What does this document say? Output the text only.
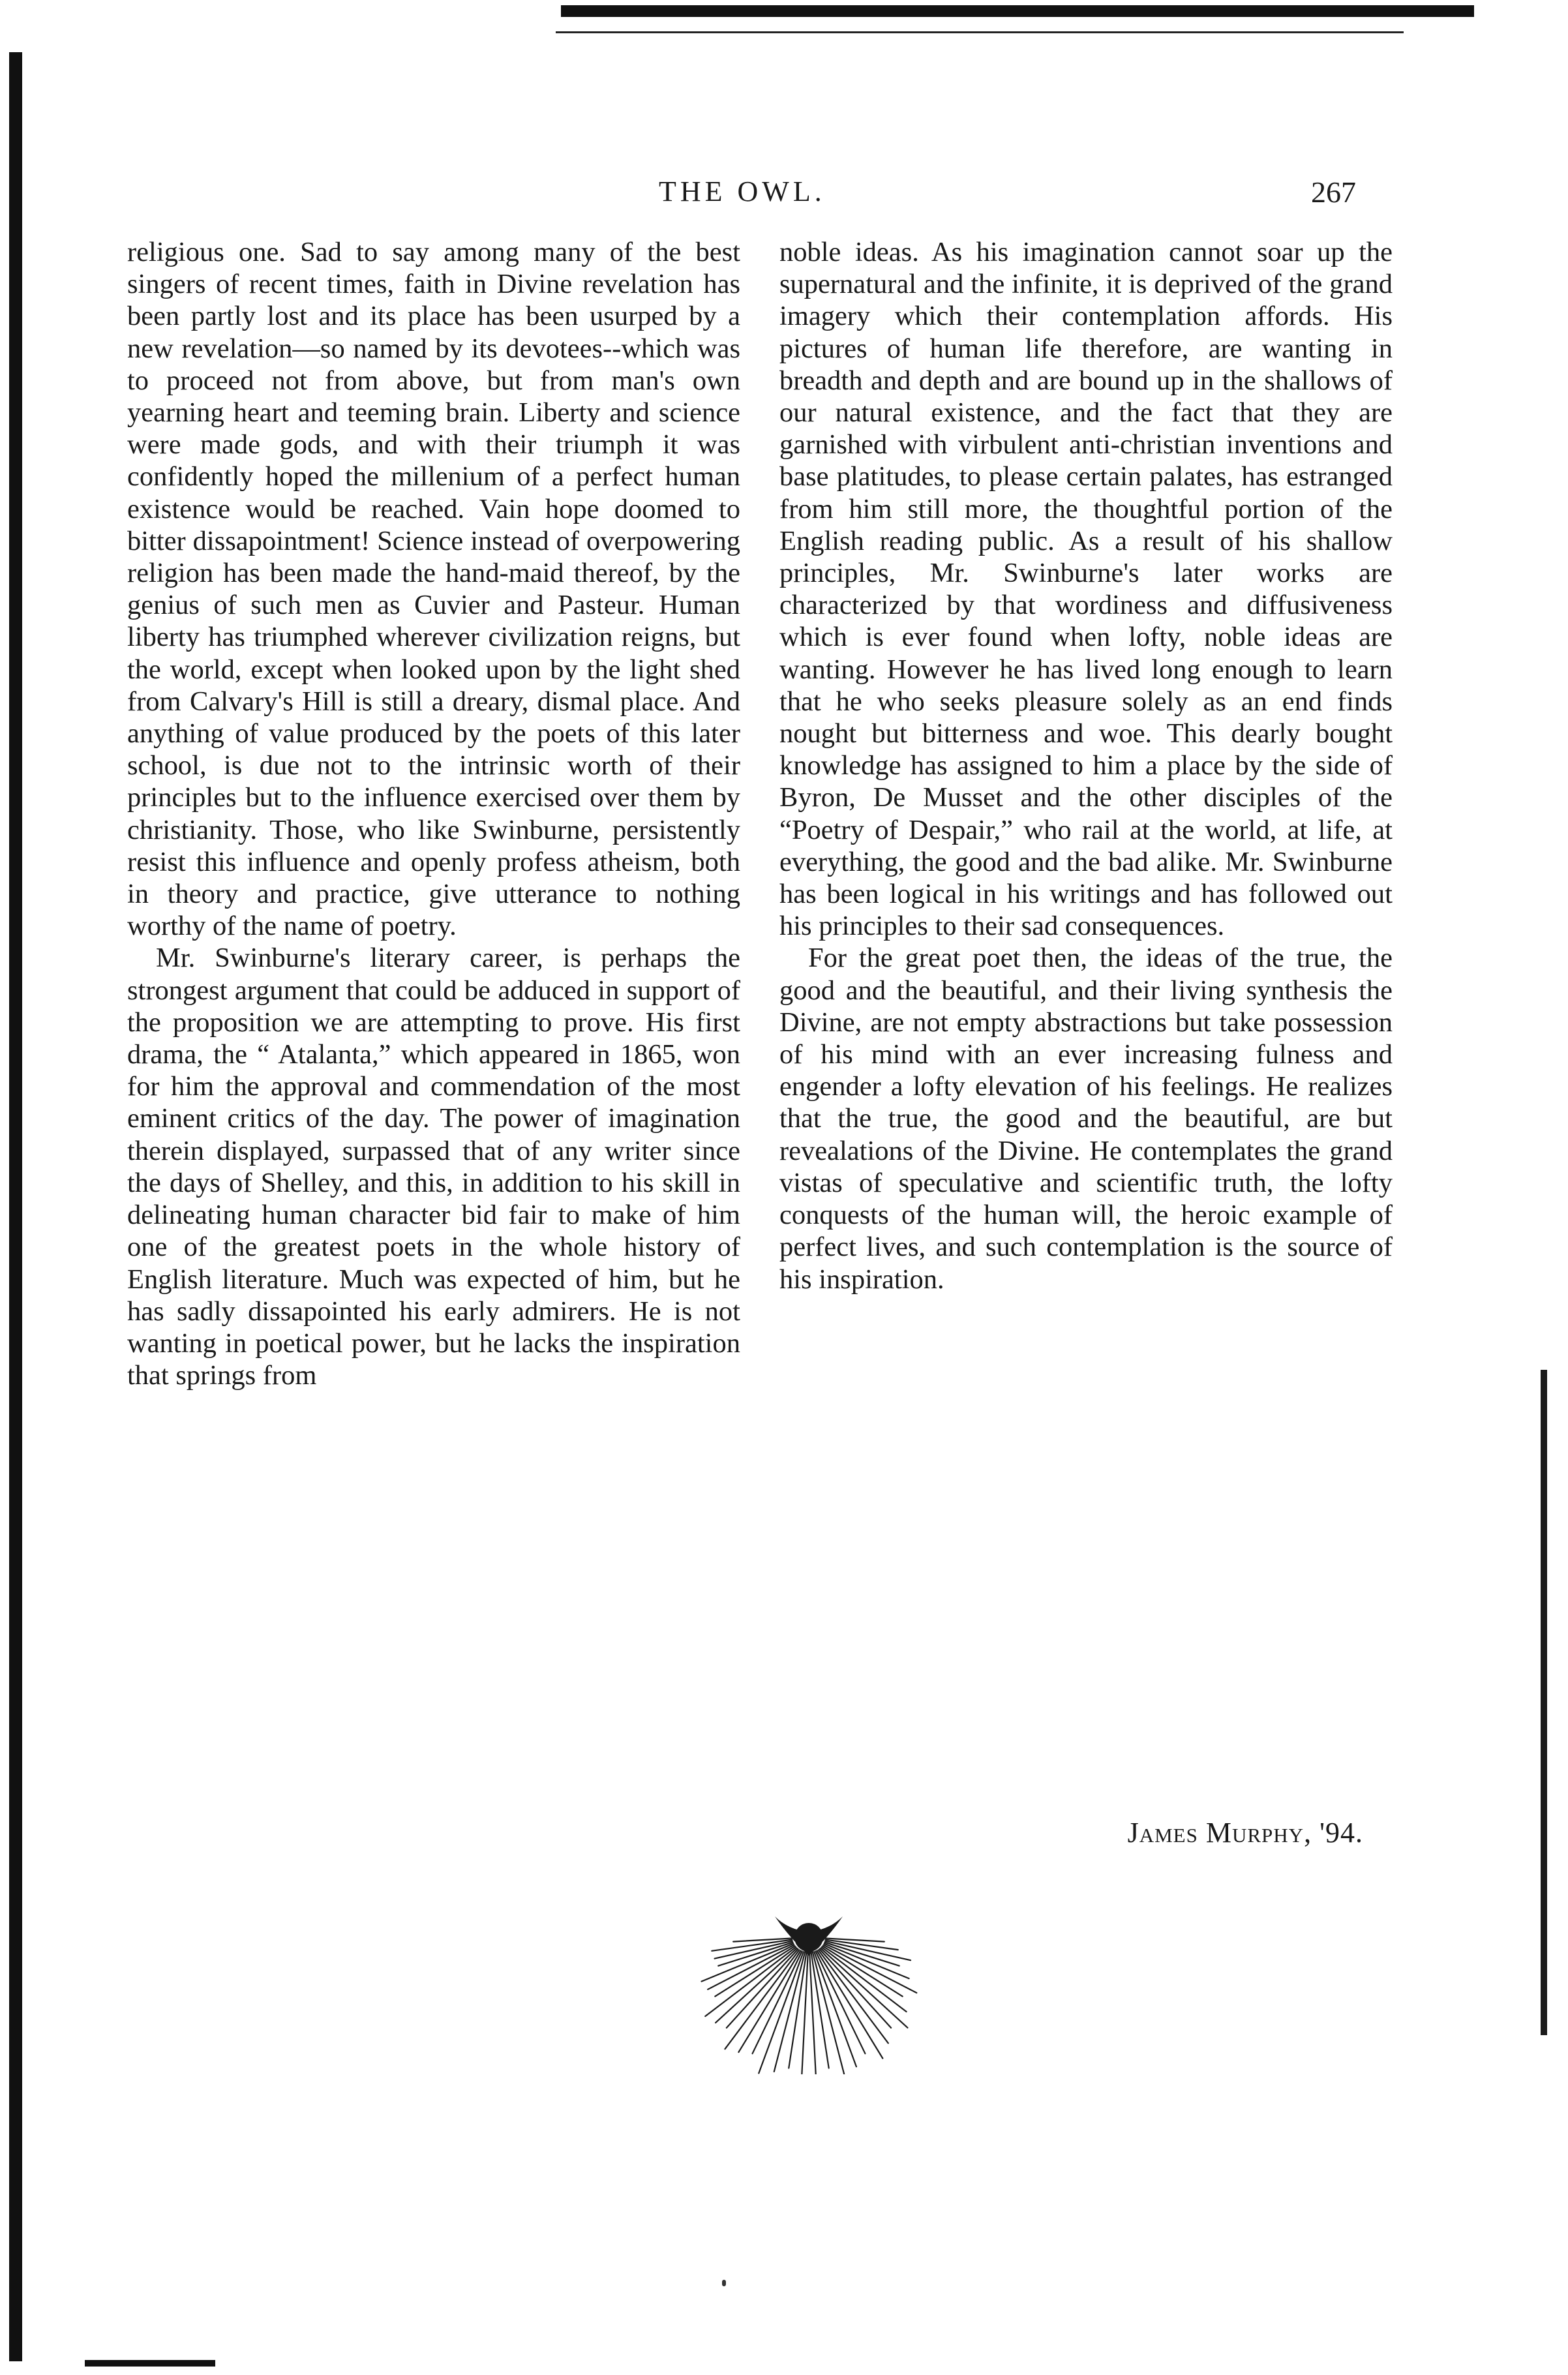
THE OWL.	267

religious one. Sad to say among many of the best singers of recent times, faith in Divine revelation has been partly lost and its place has been usurped by a new revelation—so named by its devotees--which was to proceed not from above, but from man's own yearning heart and teeming brain. Liberty and science were made gods, and with their triumph it was confidently hoped the millenium of a perfect human existence would be reached. Vain hope doomed to bitter dissapointment! Science instead of overpowering religion has been made the hand-maid thereof, by the genius of such men as Cuvier and Pasteur. Human liberty has triumphed wherever civilization reigns, but the world, except when looked upon by the light shed from Calvary's Hill is still a dreary, dismal place. And anything of value produced by the poets of this later school, is due not to the intrinsic worth of their principles but to the influence exercised over them by christianity. Those, who like Swinburne, persistently resist this influence and openly profess atheism, both in theory and practice, give utterance to nothing worthy of the name of poetry.

Mr. Swinburne's literary career, is perhaps the strongest argument that could be adduced in support of the proposition we are attempting to prove. His first drama, the “ Atalanta,” which appeared in 1865, won for him the approval and commendation of the most eminent critics of the day. The power of imagination therein displayed, surpassed that of any writer since the days of Shelley, and this, in addition to his skill in delineating human character bid fair to make of him one of the greatest poets in the whole history of English literature. Much was expected of him, but he has sadly dissapointed his early admirers. He is not wanting in poetical power, but he lacks the inspiration that springs from

noble ideas. As his imagination cannot soar up the supernatural and the infinite, it is deprived of the grand imagery which their contemplation affords. His pictures of human life therefore, are wanting in breadth and depth and are bound up in the shallows of our natural existence, and the fact that they are garnished with virbulent anti-christian inventions and base platitudes, to please certain palates, has estranged from him still more, the thoughtful portion of the English reading public. As a result of his shallow principles, Mr. Swinburne's later works are characterized by that wordiness and diffusiveness which is ever found when lofty, noble ideas are wanting. However he has lived long enough to learn that he who seeks pleasure solely as an end finds nought but bitterness and woe. This dearly bought knowledge has assigned to him a place by the side of Byron, De Musset and the other disciples of the “Poetry of Despair,” who rail at the world, at life, at everything, the good and the bad alike. Mr. Swinburne has been logical in his writings and has followed out his principles to their sad consequences.

For the great poet then, the ideas of the true, the good and the beautiful, and their living synthesis the Divine, are not empty abstractions but take possession of his mind with an ever increasing fulness and engender a lofty elevation of his feelings. He realizes that the true, the good and the beautiful, are but revealations of the Divine. He contemplates the grand vistas of speculative and scientific truth, the lofty conquests of the human will, the heroic example of perfect lives, and such contemplation is the source of his inspiration.

James Murphy, '94.
